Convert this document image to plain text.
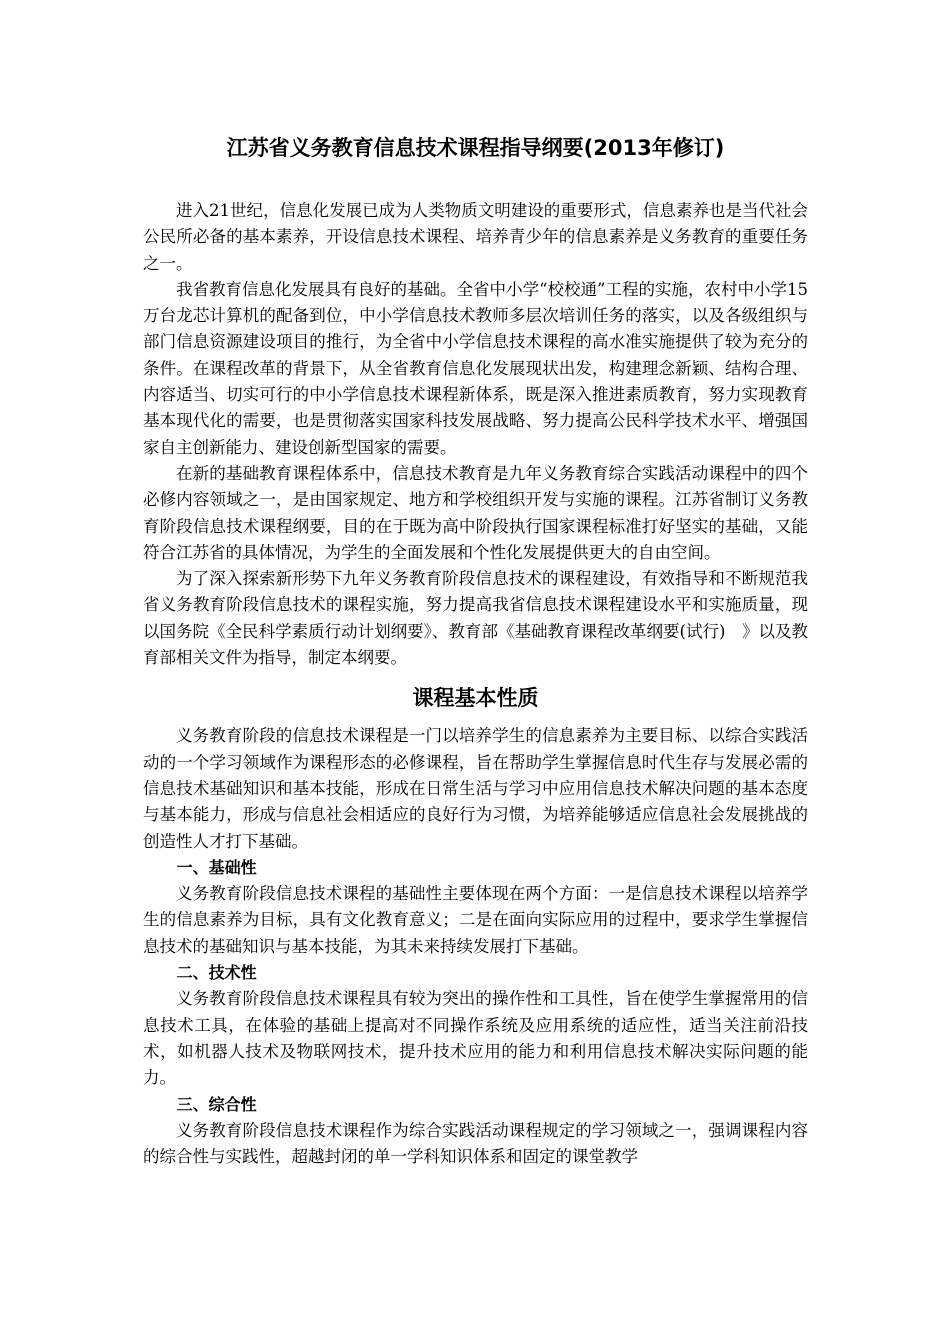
江苏省义务教育信息技术课程指导纲要(2013年修订)

进入21世纪，信息化发展已成为人类物质文明建设的重要形式，信息素养也是当代社会公民所必备的基本素养，开设信息技术课程、培养青少年的信息素养是义务教育的重要任务之一。

我省教育信息化发展具有良好的基础。全省中小学“校校通”工程的实施，农村中小学15万台龙芯计算机的配备到位，中小学信息技术教师多层次培训任务的落实，以及各级组织与部门信息资源建设项目的推行，为全省中小学信息技术课程的高水准实施提供了较为充分的条件。在课程改革的背景下，从全省教育信息化发展现状出发，构建理念新颖、结构合理、内容适当、切实可行的中小学信息技术课程新体系，既是深入推进素质教育，努力实现教育基本现代化的需要，也是贯彻落实国家科技发展战略、努力提高公民科学技术水平、增强国家自主创新能力、建设创新型国家的需要。

在新的基础教育课程体系中，信息技术教育是九年义务教育综合实践活动课程中的四个必修内容领域之一，是由国家规定、地方和学校组织开发与实施的课程。江苏省制订义务教育阶段信息技术课程纲要，目的在于既为高中阶段执行国家课程标准打好坚实的基础，又能符合江苏省的具体情况，为学生的全面发展和个性化发展提供更大的自由空间。

为了深入探索新形势下九年义务教育阶段信息技术的课程建设，有效指导和不断规范我省义务教育阶段信息技术的课程实施，努力提高我省信息技术课程建设水平和实施质量，现以国务院《全民科学素质行动计划纲要》、教育部《基础教育课程改革纲要(试行)　》以及教育部相关文件为指导，制定本纲要。

课程基本性质

义务教育阶段的信息技术课程是一门以培养学生的信息素养为主要目标、以综合实践活动的一个学习领域作为课程形态的必修课程，旨在帮助学生掌握信息时代生存与发展必需的信息技术基础知识和基本技能，形成在日常生活与学习中应用信息技术解决问题的基本态度与基本能力，形成与信息社会相适应的良好行为习惯，为培养能够适应信息社会发展挑战的创造性人才打下基础。

一、基础性

义务教育阶段信息技术课程的基础性主要体现在两个方面：一是信息技术课程以培养学生的信息素养为目标，具有文化教育意义；二是在面向实际应用的过程中，要求学生掌握信息技术的基础知识与基本技能，为其未来持续发展打下基础。

二、技术性

义务教育阶段信息技术课程具有较为突出的操作性和工具性，旨在使学生掌握常用的信息技术工具，在体验的基础上提高对不同操作系统及应用系统的适应性，适当关注前沿技术，如机器人技术及物联网技术，提升技术应用的能力和利用信息技术解决实际问题的能力。

三、综合性

义务教育阶段信息技术课程作为综合实践活动课程规定的学习领域之一，强调课程内容的综合性与实践性，超越封闭的单一学科知识体系和固定的课堂教学
